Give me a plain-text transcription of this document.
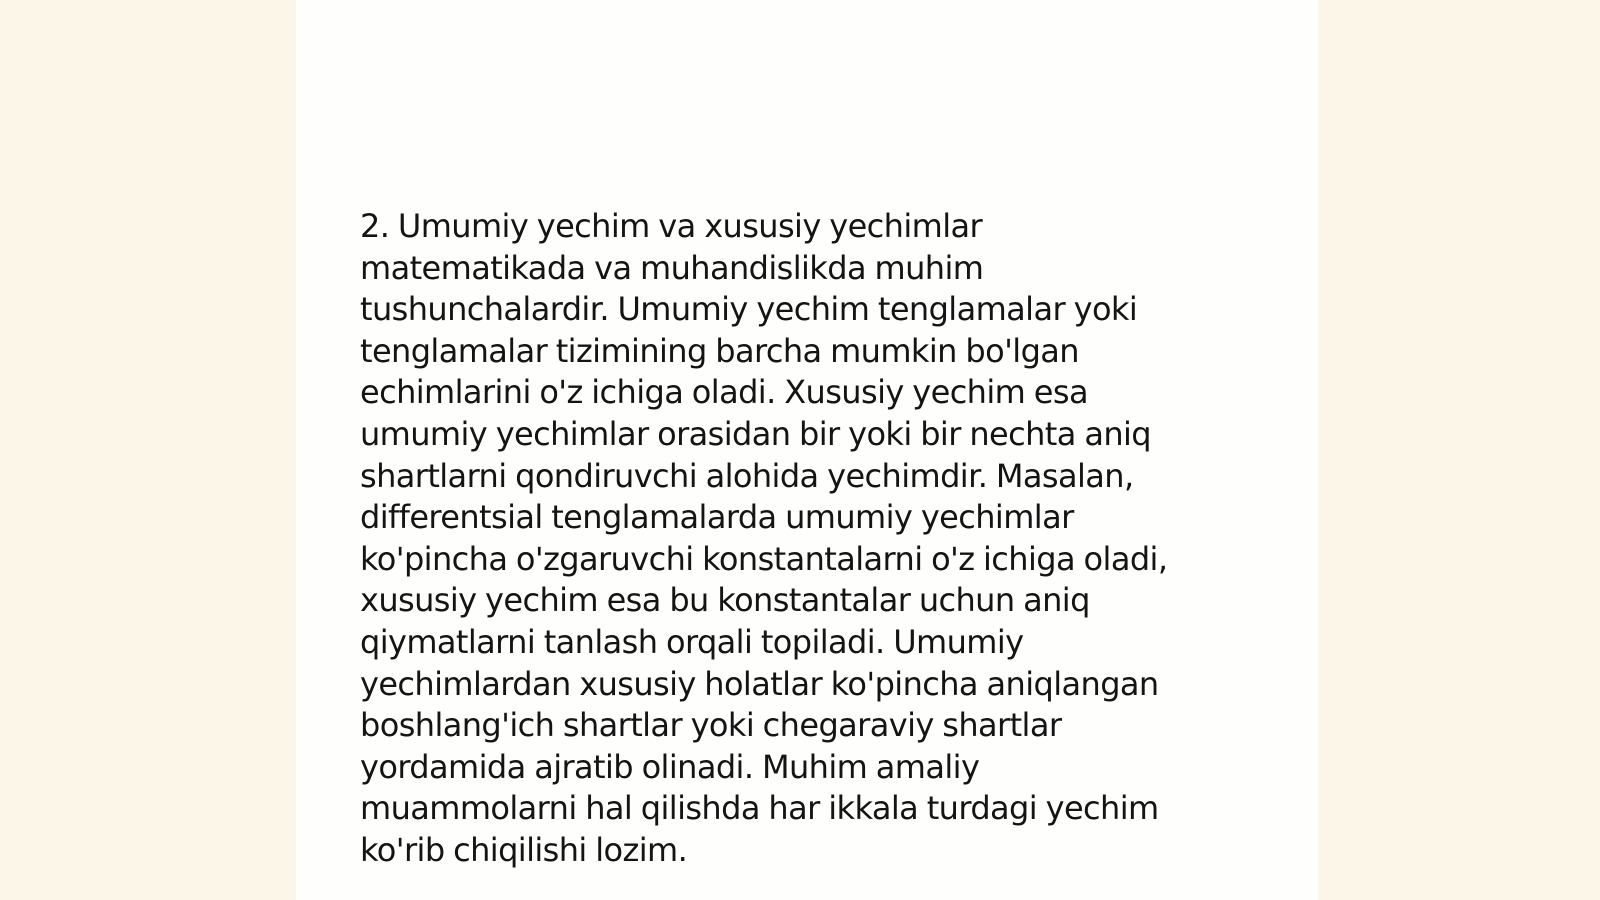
2. Umumiy yechim va xususiy yechimlar
matematikada va muhandislikda muhim
tushunchalardir. Umumiy yechim tenglamalar yoki
tenglamalar tizimining barcha mumkin bo'lgan
echimlarini o'z ichiga oladi. Xususiy yechim esa
umumiy yechimlar orasidan bir yoki bir nechta aniq
shartlarni qondiruvchi alohida yechimdir. Masalan,
differentsial tenglamalarda umumiy yechimlar
ko'pincha o'zgaruvchi konstantalarni o'z ichiga oladi,
xususiy yechim esa bu konstantalar uchun aniq
qiymatlarni tanlash orqali topiladi. Umumiy
yechimlardan xususiy holatlar ko'pincha aniqlangan
boshlang'ich shartlar yoki chegaraviy shartlar
yordamida ajratib olinadi. Muhim amaliy
muammolarni hal qilishda har ikkala turdagi yechim
ko'rib chiqilishi lozim.
